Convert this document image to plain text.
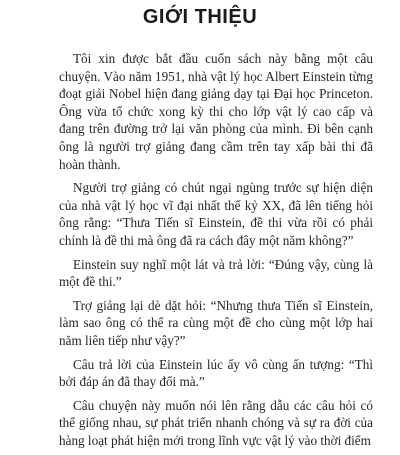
GIỚI THIỆU

Tôi xin được bắt đầu cuốn sách này bằng một câu chuyện. Vào năm 1951, nhà vật lý học Albert Einstein từng đoạt giải Nobel hiện đang giảng dạy tại Đại học Princeton. Ông vừa tổ chức xong kỳ thi cho lớp vật lý cao cấp và đang trên đường trở lại văn phòng của mình. Đi bên cạnh ông là người trợ giảng đang cầm trên tay xấp bài thi đã hoàn thành.

Người trợ giảng có chút ngại ngùng trước sự hiện diện của nhà vật lý học vĩ đại nhất thế kỷ XX, đã lên tiếng hỏi ông rằng: “Thưa Tiến sĩ Einstein, đề thi vừa rồi có phải chính là đề thi mà ông đã ra cách đây một năm không?”

Einstein suy nghĩ một lát và trả lời: “Đúng vậy, cùng là một đề thi.”

Trợ giảng lại dè dặt hỏi: “Nhưng thưa Tiến sĩ Einstein, làm sao ông có thể ra cùng một đề cho cùng một lớp hai năm liên tiếp như vậy?”

Câu trả lời của Einstein lúc ấy vô cùng ấn tượng: “Thì bởi đáp án đã thay đổi mà.”

Câu chuyện này muốn nói lên rằng dẫu các câu hỏi có thể giống nhau, sự phát triển nhanh chóng và sự ra đời của hàng loạt phát hiện mới trong lĩnh vực vật lý vào thời điểm
